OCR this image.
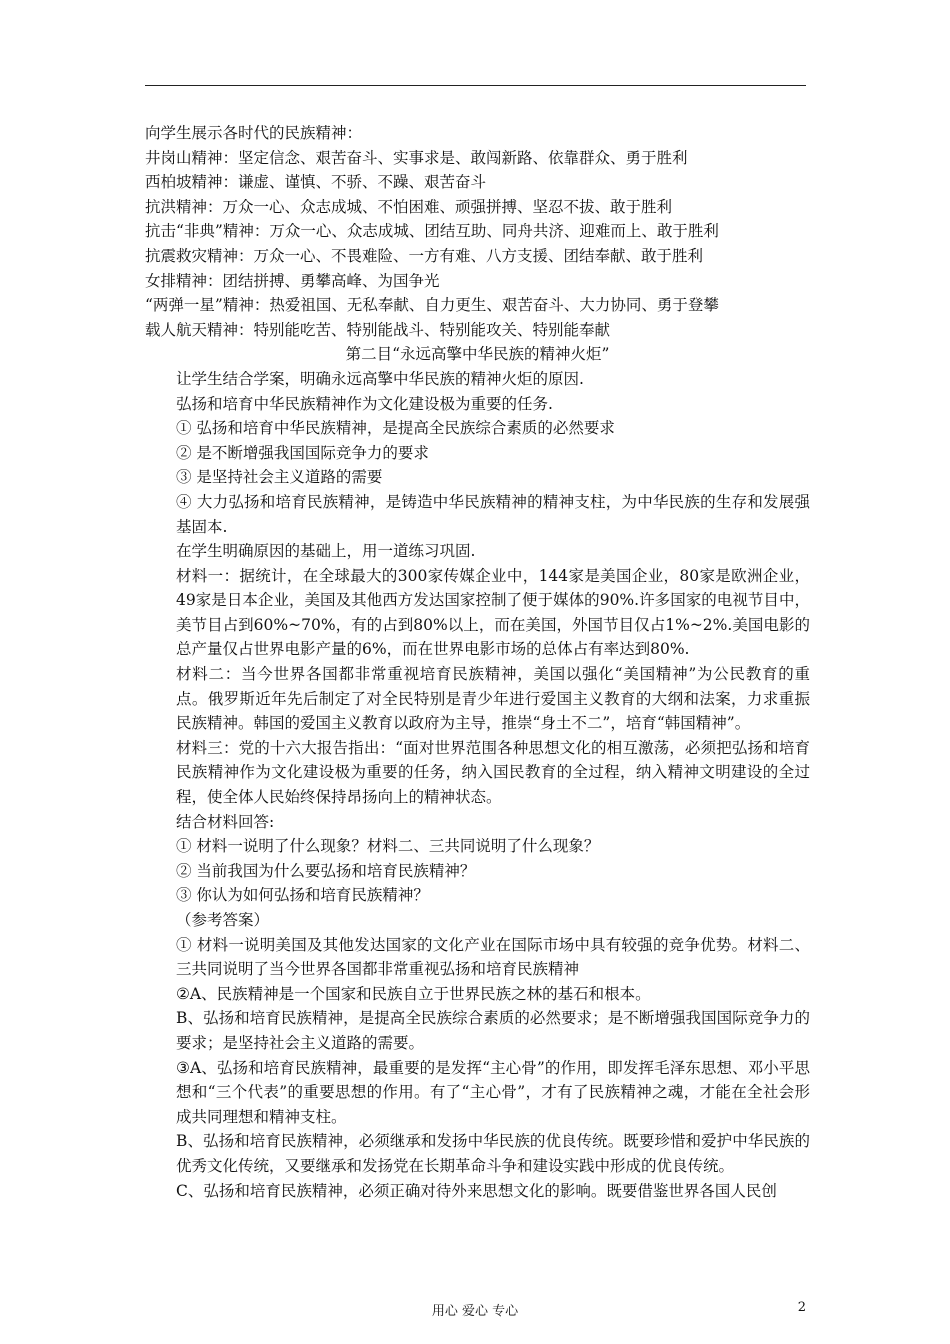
向学生展示各时代的民族精神：
井岗山精神：坚定信念、艰苦奋斗、实事求是、敢闯新路、依靠群众、勇于胜利
西柏坡精神：谦虚、谨慎、不骄、不躁、艰苦奋斗
抗洪精神：万众一心、众志成城、不怕困难、顽强拼搏、坚忍不拔、敢于胜利
抗击“非典”精神：万众一心、众志成城、团结互助、同舟共济、迎难而上、敢于胜利
抗震救灾精神：万众一心、不畏难险、一方有难、八方支援、团结奉献、敢于胜利
女排精神：团结拼搏、勇攀高峰、为国争光
“两弹一星”精神：热爱祖国、无私奉献、自力更生、艰苦奋斗、大力协同、勇于登攀
载人航天精神：特别能吃苦、特别能战斗、特别能攻关、特别能奉献
第二目“永远高擎中华民族的精神火炬”
让学生结合学案，明确永远高擎中华民族的精神火炬的原因.
弘扬和培育中华民族精神作为文化建设极为重要的任务.
① 弘扬和培育中华民族精神，是提高全民族综合素质的必然要求
② 是不断增强我国国际竞争力的要求
③ 是坚持社会主义道路的需要
④ 大力弘扬和培育民族精神，是铸造中华民族精神的精神支柱，为中华民族的生存和发展强基固本.
在学生明确原因的基础上，用一道练习巩固.
材料一：据统计，在全球最大的300家传媒企业中，144家是美国企业，80家是欧洲企业，49家是日本企业，美国及其他西方发达国家控制了便于媒体的90%.许多国家的电视节目中，美节目占到60%~70%，有的占到80%以上，而在美国，外国节目仅占1%~2%.美国电影的总产量仅占世界电影产量的6%，而在世界电影市场的总体占有率达到80%.
材料二：当今世界各国都非常重视培育民族精神，美国以强化“美国精神”为公民教育的重点。俄罗斯近年先后制定了对全民特别是青少年进行爱国主义教育的大纲和法案，力求重振民族精神。韩国的爱国主义教育以政府为主导，推崇“身土不二”，培育“韩国精神”。
材料三：党的十六大报告指出：“面对世界范围各种思想文化的相互激荡，必须把弘扬和培育民族精神作为文化建设极为重要的任务，纳入国民教育的全过程，纳入精神文明建设的全过程，使全体人民始终保持昂扬向上的精神状态。
结合材料回答:
① 材料一说明了什么现象？材料二、三共同说明了什么现象？
② 当前我国为什么要弘扬和培育民族精神？
③ 你认为如何弘扬和培育民族精神？
（参考答案）
① 材料一说明美国及其他发达国家的文化产业在国际市场中具有较强的竞争优势。材料二、三共同说明了当今世界各国都非常重视弘扬和培育民族精神
②A、民族精神是一个国家和民族自立于世界民族之林的基石和根本。
B、弘扬和培育民族精神，是提高全民族综合素质的必然要求；是不断增强我国国际竞争力的要求；是坚持社会主义道路的需要。
③A、弘扬和培育民族精神，最重要的是发挥“主心骨”的作用，即发挥毛泽东思想、邓小平思想和“三个代表”的重要思想的作用。有了“主心骨”，才有了民族精神之魂，才能在全社会形成共同理想和精神支柱。
B、弘扬和培育民族精神，必须继承和发扬中华民族的优良传统。既要珍惜和爱护中华民族的优秀文化传统，又要继承和发扬党在长期革命斗争和建设实践中形成的优良传统。
C、弘扬和培育民族精神，必须正确对待外来思想文化的影响。既要借鉴世界各国人民创
用心 爱心 专心	2
